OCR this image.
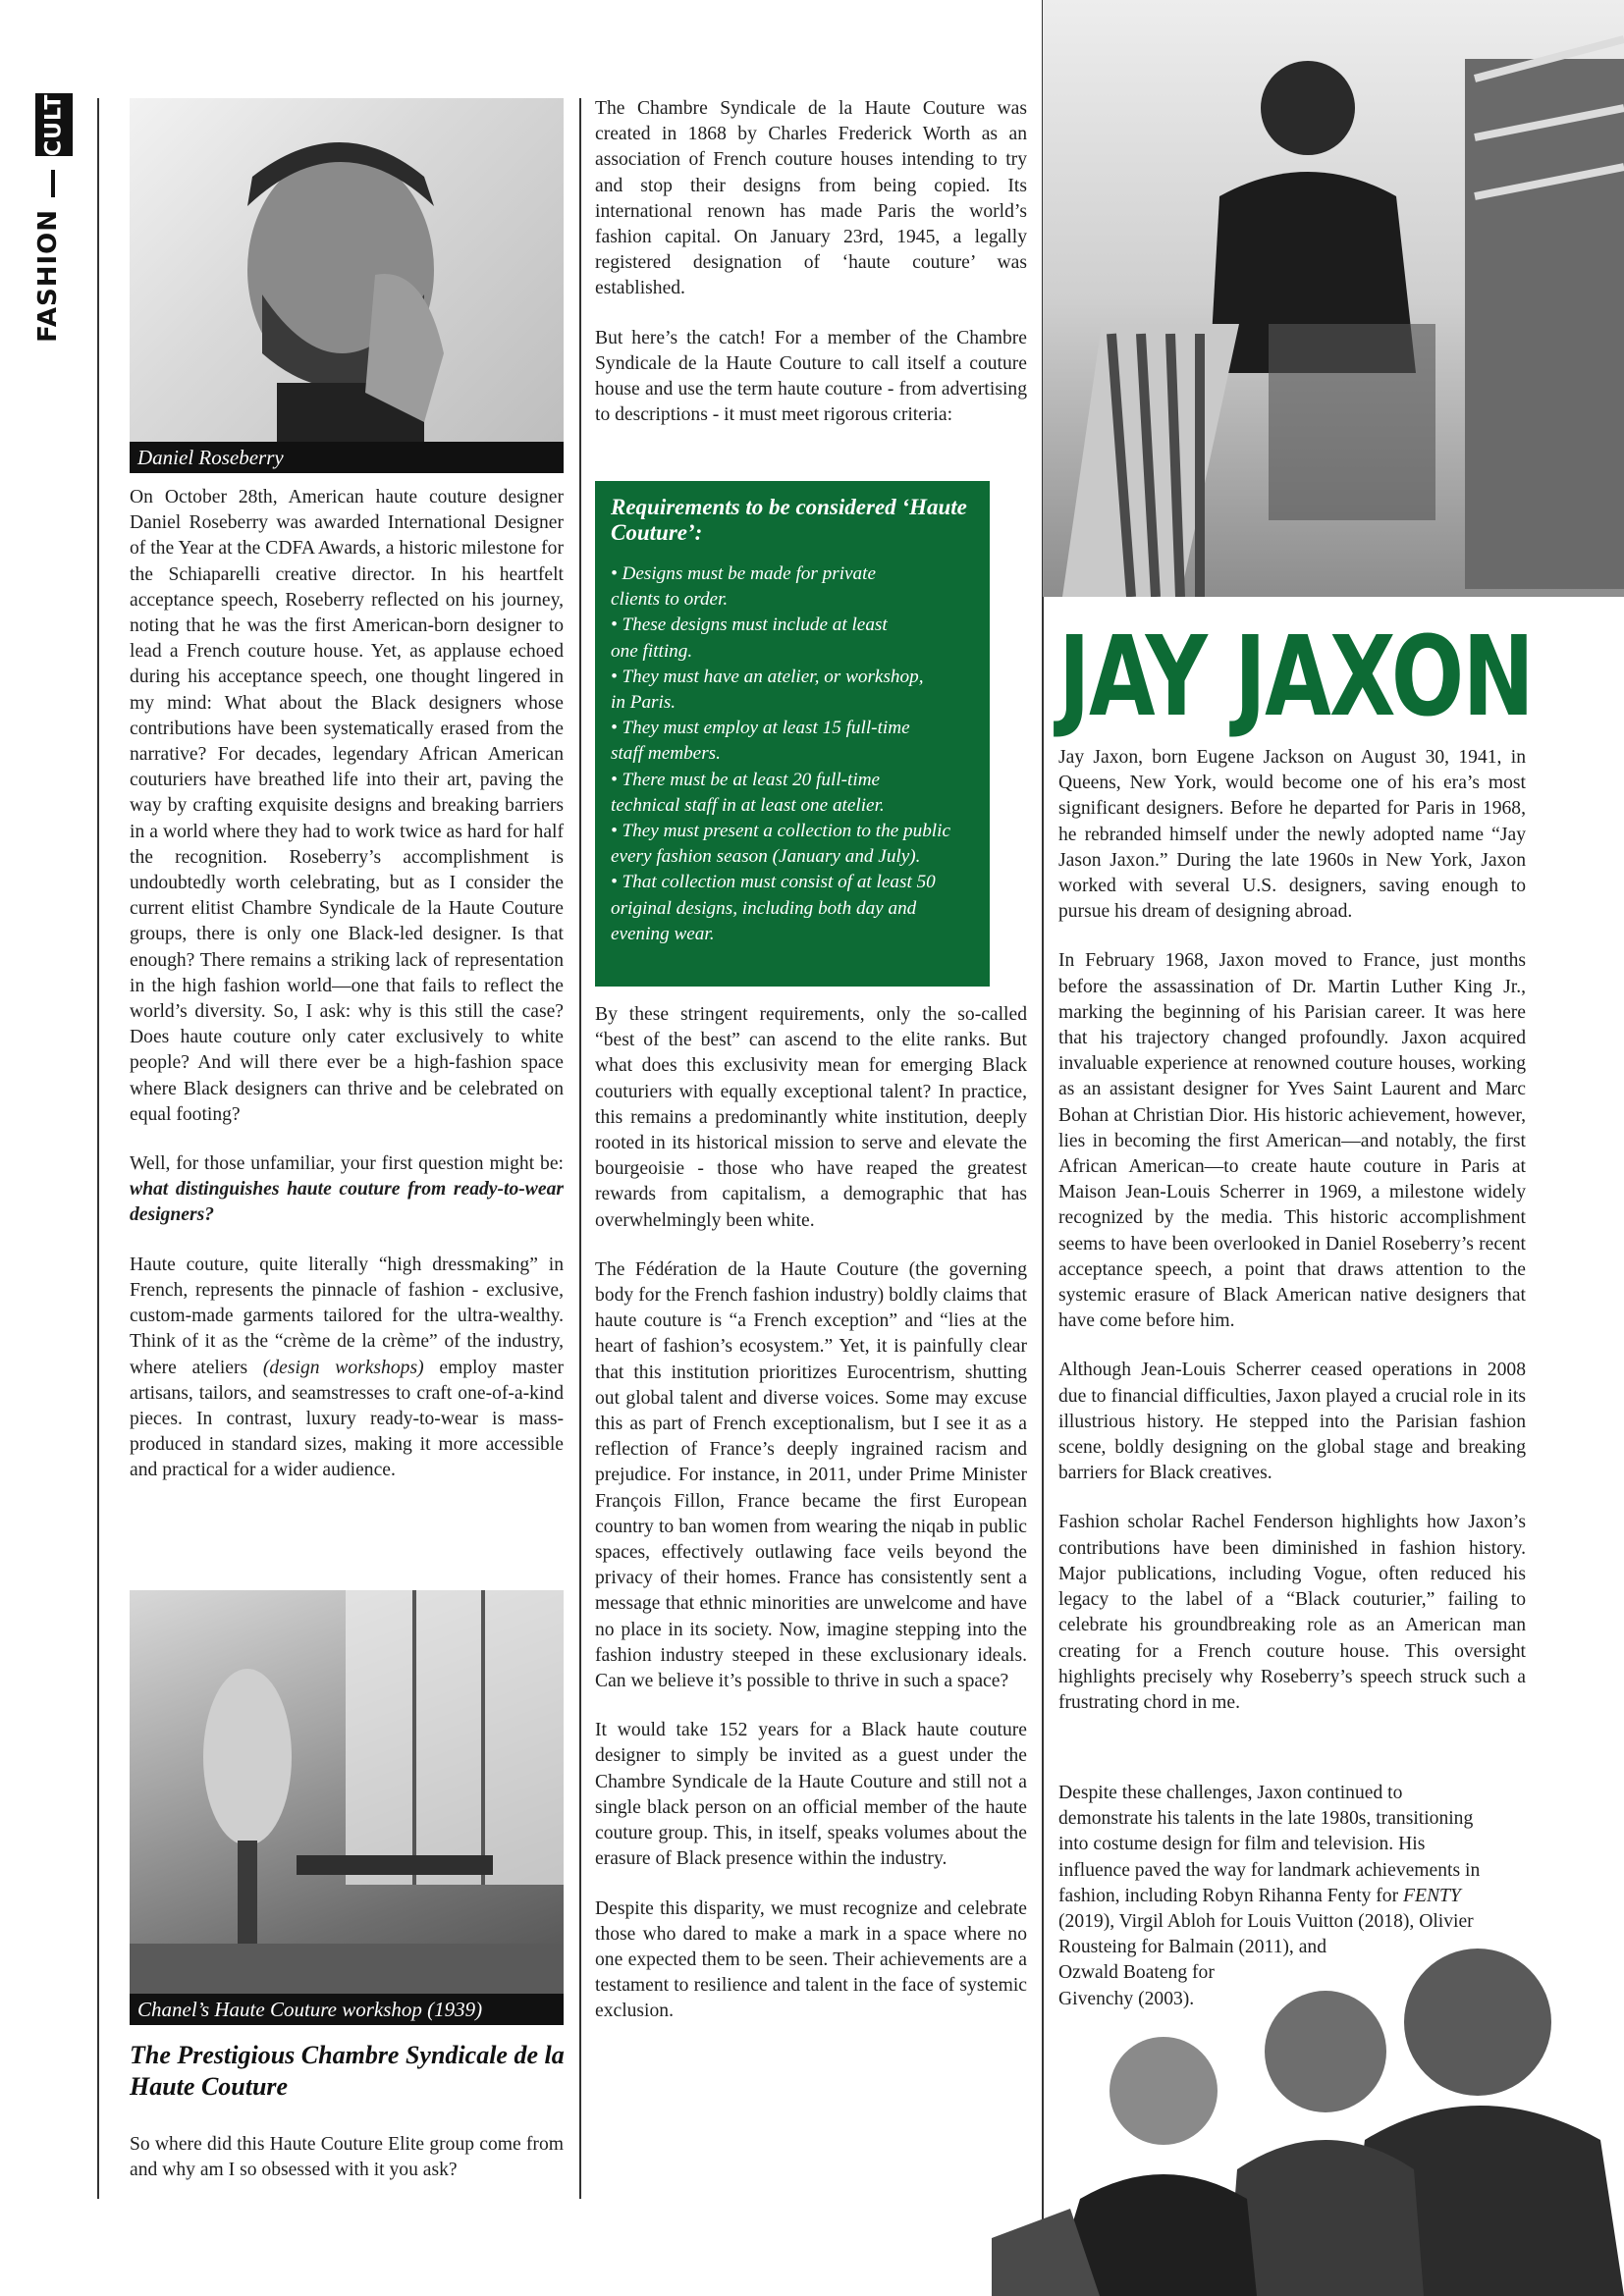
CULT
FASHION
Daniel Roseberry

On October 28th, American haute couture designer Daniel Roseberry was awarded International Designer of the Year at the CDFA Awards, a historic milestone for the Schiaparelli creative director. In his heartfelt acceptance speech, Roseberry reflected on his journey, noting that he was the first American-born designer to lead a French couture house. Yet, as applause echoed during his acceptance speech, one thought lingered in my mind: What about the Black designers whose contributions have been systematically erased from the narrative? For decades, legendary African American couturiers have breathed life into their art, paving the way by crafting exquisite designs and breaking barriers in a world where they had to work twice as hard for half the recognition. Roseberry’s accomplishment is undoubtedly worth celebrating, but as I consider the current elitist Chambre Syndicale de la Haute Couture groups, there is only one Black-led designer. Is that enough? There remains a striking lack of representation in the high fashion world—one that fails to reflect the world’s diversity. So, I ask: why is this still the case? Does haute couture only cater exclusively to white people? And will there ever be a high-fashion space where Black designers can thrive and be celebrated on equal footing?

Well, for those unfamiliar, your first question might be: what distinguishes haute couture from ready-to-wear designers?

Haute couture, quite literally “high dressmaking” in French, represents the pinnacle of fashion - exclusive, custom-made garments tailored for the ultra-wealthy. Think of it as the “crème de la crème” of the industry, where ateliers (design workshops) employ master artisans, tailors, and seamstresses to craft one-of-a-kind pieces. In contrast, luxury ready-to-wear is mass-produced in standard sizes, making it more accessible and practical for a wider audience.

Chanel’s Haute Couture workshop (1939)
The Prestigious Chambre Syndicale de la Haute Couture

So where did this Haute Couture Elite group come from and why am I so obsessed with it you ask?

The Chambre Syndicale de la Haute Couture was created in 1868 by Charles Frederick Worth as an association of French couture houses intending to try and stop their designs from being copied. Its international renown has made Paris the world’s fashion capital. On January 23rd, 1945, a legally registered designation of ‘haute couture’ was established.

But here’s the catch! For a member of the Chambre Syndicale de la Haute Couture to call itself a couture house and use the term haute couture - from advertising to descriptions - it must meet rigorous criteria:

Requirements to be considered ‘Haute Couture’:
• Designs must be made for private
clients to order.
• These designs must include at least
one fitting.
• They must have an atelier, or workshop,
in Paris.
• They must employ at least 15 full-time
staff members.
• There must be at least 20 full-time
technical staff in at least one atelier.
• They must present a collection to the public
every fashion season (January and July).
• That collection must consist of at least 50
original designs, including both day and
evening wear.

By these stringent requirements, only the so-called “best of the best” can ascend to the elite ranks. But what does this exclusivity mean for emerging Black couturiers with equally exceptional talent? In practice, this remains a predominantly white institution, deeply rooted in its historical mission to serve and elevate the bourgeoisie - those who have reaped the greatest rewards from capitalism, a demographic that has overwhelmingly been white.

The Fédération de la Haute Couture (the governing body for the French fashion industry) boldly claims that haute couture is “a French exception” and “lies at the heart of fashion’s ecosystem.” Yet, it is painfully clear that this institution prioritizes Eurocentrism, shutting out global talent and diverse voices. Some may excuse this as part of French exceptionalism, but I see it as a reflection of France’s deeply ingrained racism and prejudice. For instance, in 2011, under Prime Minister François Fillon, France became the first European country to ban women from wearing the niqab in public spaces, effectively outlawing face veils beyond the privacy of their homes. France has consistently sent a message that ethnic minorities are unwelcome and have no place in its society. Now, imagine stepping into the fashion industry steeped in these exclusionary ideals. Can we believe it’s possible to thrive in such a space?

It would take 152 years for a Black haute couture designer to simply be invited as a guest under the Chambre Syndicale de la Haute Couture and still not a single black person on an official member of the haute couture group. This, in itself, speaks volumes about the erasure of Black presence within the industry.

Despite this disparity, we must recognize and celebrate those who dared to make a mark in a space where no one expected them to be seen. Their achievements are a testament to resilience and talent in the face of systemic exclusion.

JAY JAXON

Jay Jaxon, born Eugene Jackson on August 30, 1941, in Queens, New York, would become one of his era’s most significant designers. Before he departed for Paris in 1968, he rebranded himself under the newly adopted name “Jay Jason Jaxon.” During the late 1960s in New York, Jaxon worked with several U.S. designers, saving enough to pursue his dream of designing abroad.

In February 1968, Jaxon moved to France, just months before the assassination of Dr. Martin Luther King Jr., marking the beginning of his Parisian career. It was here that his trajectory changed profoundly. Jaxon acquired invaluable experience at renowned couture houses, working as an assistant designer for Yves Saint Laurent and Marc Bohan at Christian Dior. His historic achievement, however, lies in becoming the first American—and notably, the first African American—to create haute couture in Paris at Maison Jean-Louis Scherrer in 1969, a milestone widely recognized by the media. This historic accomplishment seems to have been overlooked in Daniel Roseberry’s recent acceptance speech, a point that draws attention to the systemic erasure of Black American native designers that have come before him.

Although Jean-Louis Scherrer ceased operations in 2008 due to financial difficulties, Jaxon played a crucial role in its illustrious history. He stepped into the Parisian fashion scene, boldly designing on the global stage and breaking barriers for Black creatives.

Fashion scholar Rachel Fenderson highlights how Jaxon’s contributions have been diminished in fashion history. Major publications, including Vogue, often reduced his legacy to the label of a “Black couturier,” failing to celebrate his groundbreaking role as an American man creating for a French couture house. This oversight highlights precisely why Roseberry’s speech struck such a frustrating chord in me.

Despite these challenges, Jaxon continued to
demonstrate his talents in the late 1980s, transitioning
into costume design for film and television. His
influence paved the way for landmark achievements in
fashion, including Robyn Rihanna Fenty for FENTY
(2019), Virgil Abloh for Louis Vuitton (2018), Olivier
Rousteing for Balmain (2011), and
Ozwald Boateng for
Givenchy (2003).
